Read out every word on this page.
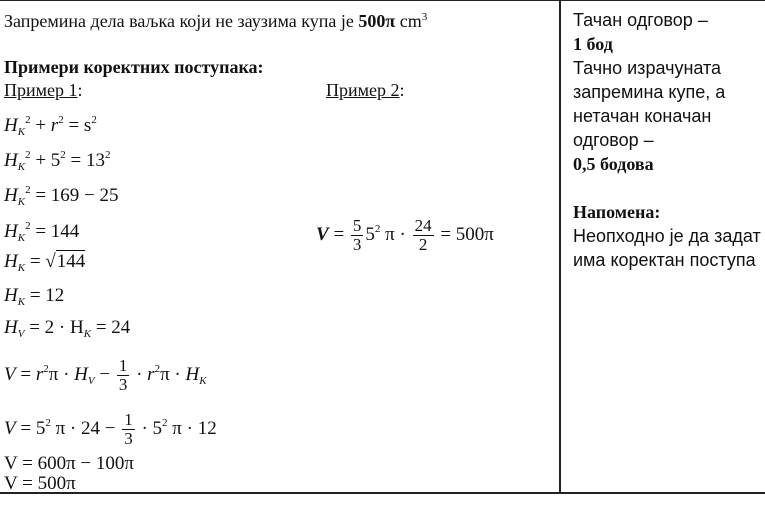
Запремина дела ваљка који не заузима купа је 500π $cm^3$
Примери коректних поступака:
Пример 1:	Пример 2:
$H_K^2 + r^2 = s^2$
$H_K^2 + 5^2 = 13^2$
$H_K^2 = 169 - 25$
$H_K^2 = 144$
$H_K = √144$
$H_K = 12$
$H_V = 2 \cdot H_K = 24$
$V = r^2\pi \cdot H_V - \frac{1}{3} \cdot r^2\pi \cdot H_K$
$V = 5^2$ $\pi \cdot 24 - \frac{1}{3} \cdot 5^2$ π · 12
V = 600π − 100π
V = 500π
$V = \frac{5}{3} 5^2$ $\pi \cdot \frac{24}{2} = 500\pi$
Тачан одговор –
1 бод
Тачно израчуната
запремина купе, а
нетачан коначан
одговор –
0,5 бодова
Напомена:
Неопходно је да задат
има коректан поступа
